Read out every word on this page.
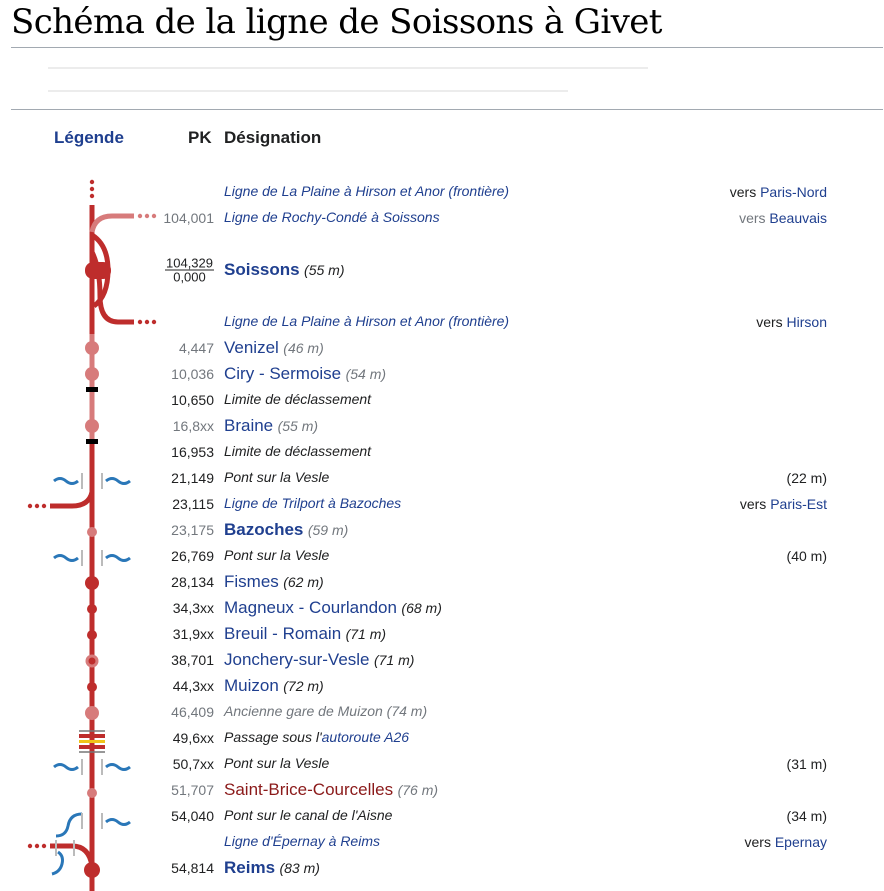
Schéma de la ligne de Soissons à Givet
Légende	PK Désignation
Ligne de La Plaine à Hirson et Anor (frontière)	vers Paris-Nord
104,001 Ligne de Rochy-Condé à Soissons	vers Beauvais
$\frac{104,329}{0,000}$ Soissons (55 m)
Ligne de La Plaine à Hirson et Anor (frontière)	vers Hirson
4,447 Venizel (46 m)
10,036 Ciry - Sermoise (54 m)
10,650 Limite de déclassement
16,8xx Braine (55 m)
16,953 Limite de déclassement
21,149 Pont sur la Vesle	(22 m)
23,115 Ligne de Trilport à Bazoches	vers Paris-Est
23,175 Bazoches (59 m)
26,769 Pont sur la Vesle	(40 m)
28,134 Fismes (62 m)
34,3xx Magneux - Courlandon (68 m)
31,9xx Breuil - Romain (71 m)
38,701 Jonchery-sur-Vesle (71 m)
44,3xx Muizon (72 m)
46,409 Ancienne gare de Muizon (74 m)
49,6xx Passage sous l'autoroute A26
50,7xx Pont sur la Vesle	(31 m)
51,707 Saint-Brice-Courcelles (76 m)
54,040 Pont sur le canal de l'Aisne	(34 m)
Ligne d'Épernay à Reims	vers Epernay
54,814 Reims (83 m)
